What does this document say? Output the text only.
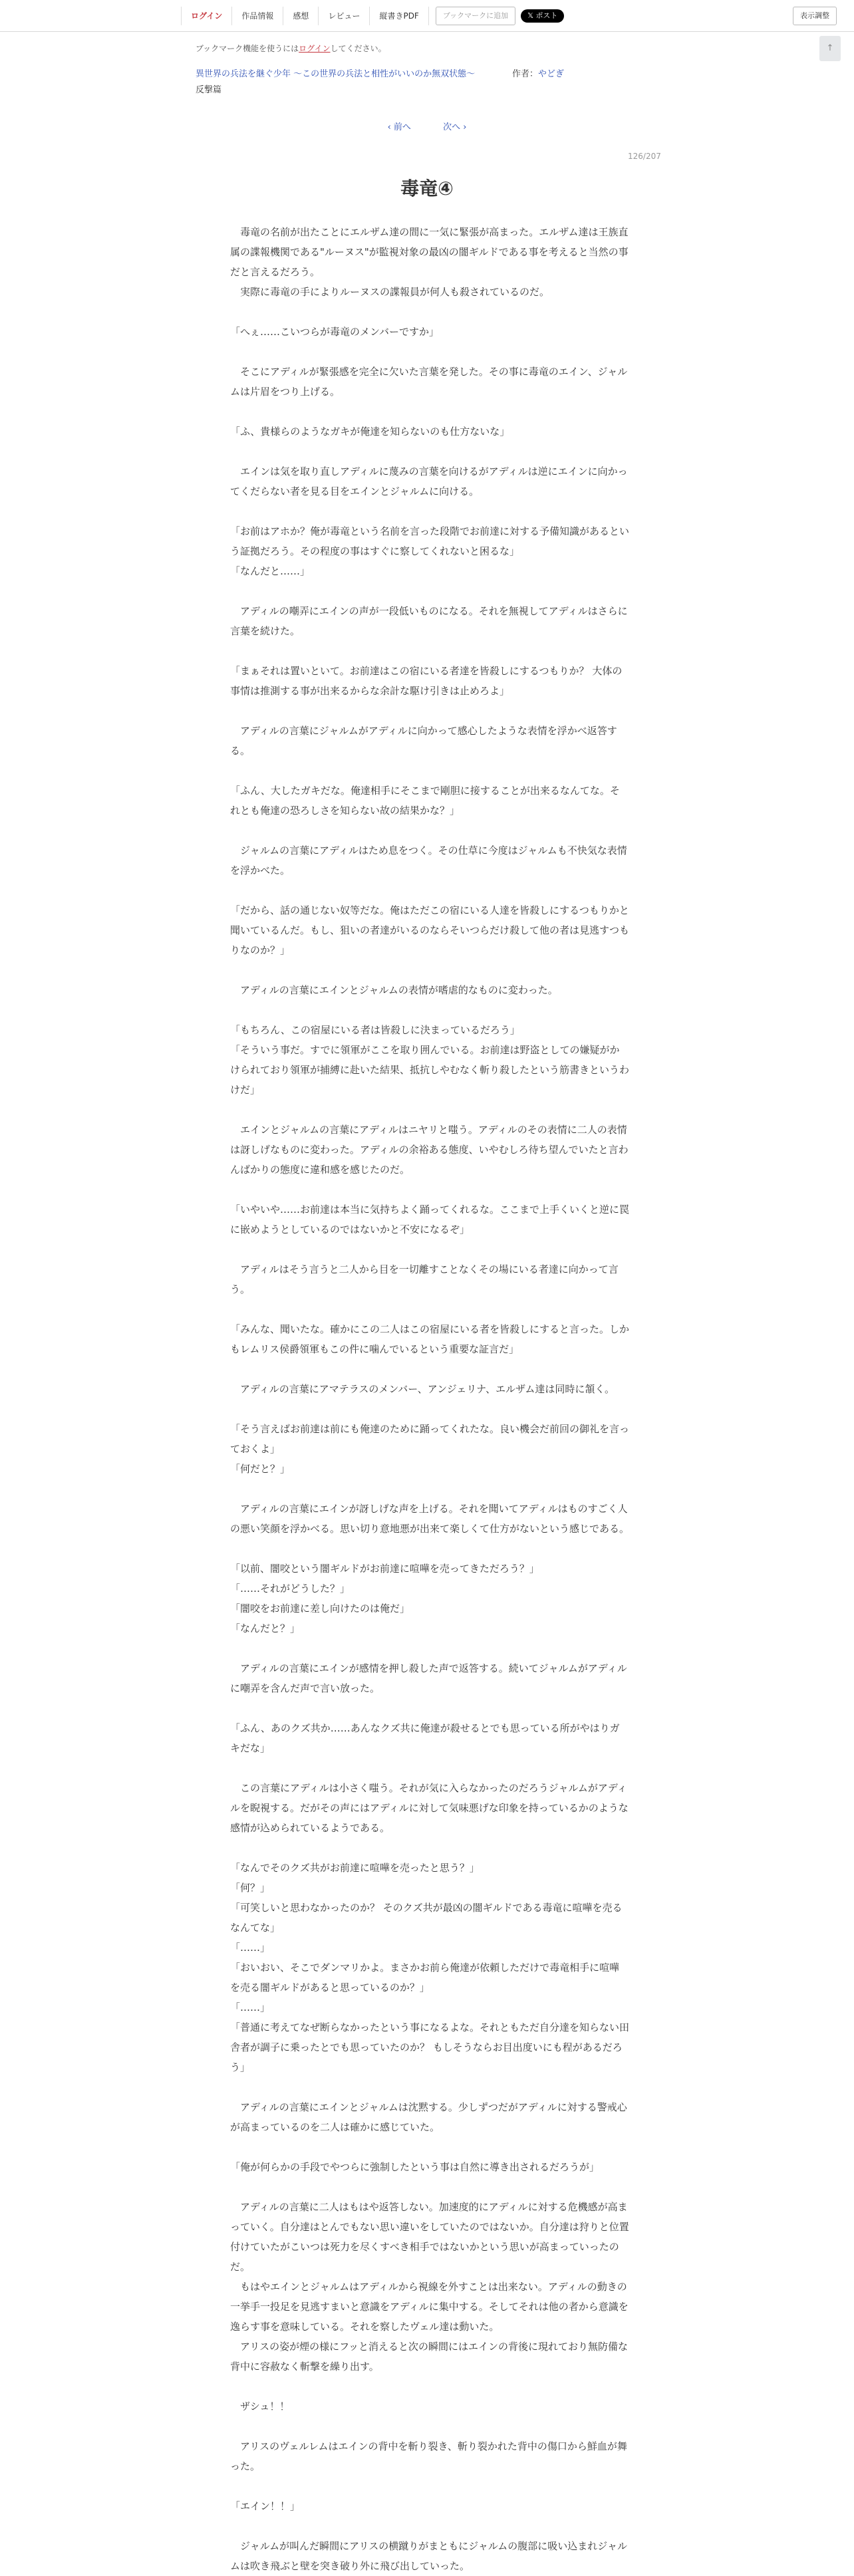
ログイン	作品情報	感想	レビュー	縦書きPDF	ブックマークに追加	𝕏 ポスト	表示調整
ブックマーク機能を使うにはログインしてください。	↑
異世界の兵法を継ぐ少年 ～この世界の兵法と相性がいいのか無双状態～	作者：やどぎ
反撃篇
‹ 前へ	次へ ›
126/207
毒竜④

　毒竜の名前が出たことにエルザム達の間に一気に緊張が高まった。エルザム達は王族直属の諜報機関である"ルーヌス"が監視対象の最凶の闇ギルドである事を考えると当然の事だと言えるだろう。

　実際に毒竜の手によりルーヌスの諜報員が何人も殺されているのだ。

「へぇ……こいつらが毒竜のメンバーですか」

　そこにアディルが緊張感を完全に欠いた言葉を発した。その事に毒竜のエイン、ジャルムは片眉をつり上げる。

「ふ、貴様らのようなガキが俺達を知らないのも仕方ないな」

　エインは気を取り直しアディルに蔑みの言葉を向けるがアディルは逆にエインに向かってくだらない者を見る目をエインとジャルムに向ける。

「お前はアホか？俺が毒竜という名前を言った段階でお前達に対する予備知識があるという証拠だろう。その程度の事はすぐに察してくれないと困るな」

「なんだと……」

　アディルの嘲弄にエインの声が一段低いものになる。それを無視してアディルはさらに言葉を続けた。

「まぁそれは置いといて。お前達はこの宿にいる者達を皆殺しにするつもりか？ 大体の事情は推測する事が出来るからな余計な駆け引きは止めろよ」

　アディルの言葉にジャルムがアディルに向かって感心したような表情を浮かべ返答する。

「ふん、大したガキだな。俺達相手にそこまで剛胆に接することが出来るなんてな。それとも俺達の恐ろしさを知らない故の結果かな？」

　ジャルムの言葉にアディルはため息をつく。その仕草に今度はジャルムも不快気な表情を浮かべた。

「だから、話の通じない奴等だな。俺はただこの宿にいる人達を皆殺しにするつもりかと聞いているんだ。もし、狙いの者達がいるのならそいつらだけ殺して他の者は見逃すつもりなのか？」

　アディルの言葉にエインとジャルムの表情が嗜虐的なものに変わった。

「もちろん、この宿屋にいる者は皆殺しに決まっているだろう」

「そういう事だ。すでに領軍がここを取り囲んでいる。お前達は野盗としての嫌疑がかけられており領軍が捕縛に赴いた結果、抵抗しやむなく斬り殺したという筋書きというわけだ」

　エインとジャルムの言葉にアディルはニヤリと嗤う。アディルのその表情に二人の表情は訝しげなものに変わった。アディルの余裕ある態度、いやむしろ待ち望んでいたと言わんばかりの態度に違和感を感じたのだ。

「いやいや……お前達は本当に気持ちよく踊ってくれるな。ここまで上手くいくと逆に罠に嵌めようとしているのではないかと不安になるぞ」

　アディルはそう言うと二人から目を一切離すことなくその場にいる者達に向かって言う。

「みんな、聞いたな。確かにこの二人はこの宿屋にいる者を皆殺しにすると言った。しかもレムリス侯爵領軍もこの件に噛んでいるという重要な証言だ」

　アディルの言葉にアマテラスのメンバー、アンジェリナ、エルザム達は同時に頷く。

「そう言えばお前達は前にも俺達のために踊ってくれたな。良い機会だ前回の御礼を言っておくよ」

「何だと？」

　アディルの言葉にエインが訝しげな声を上げる。それを聞いてアディルはものすごく人の悪い笑顔を浮かべる。思い切り意地悪が出来て楽しくて仕方がないという感じである。

「以前、闇咬という闇ギルドがお前達に喧嘩を売ってきただろう？」

「……それがどうした？」

「闇咬をお前達に差し向けたのは俺だ」

「なんだと？」

　アディルの言葉にエインが感情を押し殺した声で返答する。続いてジャルムがアディルに嘲弄を含んだ声で言い放った。

「ふん、あのクズ共か……あんなクズ共に俺達が殺せるとでも思っている所がやはりガキだな」

　この言葉にアディルは小さく嗤う。それが気に入らなかったのだろうジャルムがアディルを睨視する。だがその声にはアディルに対して気味悪げな印象を持っているかのような感情が込められているようである。

「なんでそのクズ共がお前達に喧嘩を売ったと思う？」

「何？」

「可笑しいと思わなかったのか？ そのクズ共が最凶の闇ギルドである毒竜に喧嘩を売るなんてな」

「……」

「おいおい、そこでダンマリかよ。まさかお前ら俺達が依頼しただけで毒竜相手に喧嘩を売る闇ギルドがあると思っているのか？」

「……」

「普通に考えてなぜ断らなかったという事になるよな。それともただ自分達を知らない田舎者が調子に乗ったとでも思っていたのか？ もしそうならお目出度いにも程があるだろう」

　アディルの言葉にエインとジャルムは沈黙する。少しずつだがアディルに対する警戒心が高まっているのを二人は確かに感じていた。

「俺が何らかの手段でやつらに強制したという事は自然に導き出されるだろうが」

　アディルの言葉に二人はもはや返答しない。加速度的にアディルに対する危機感が高まっていく。自分達はとんでもない思い違いをしていたのではないか。自分達は狩りと位置付けていたがこいつは死力を尽くすべき相手ではないかという思いが高まっていったのだ。

　もはやエインとジャルムはアディルから視線を外すことは出来ない。アディルの動きの一挙手一投足を見逃すまいと意識をアディルに集中する。そしてそれは他の者から意識を逸らす事を意味している。それを察したヴェル達は動いた。

　アリスの姿が煙の様にフッと消えると次の瞬間にはエインの背後に現れており無防備な背中に容赦なく斬撃を繰り出す。

　ザシュ！！

　アリスのヴェルレムはエインの背中を斬り裂き、斬り裂かれた背中の傷口から鮮血が舞った。

「エイン！！」

　ジャルムが叫んだ瞬間にアリスの横蹴りがまともにジャルムの腹部に吸い込まれジャルムは吹き飛ぶと壁を突き破り外に飛び出していった。
